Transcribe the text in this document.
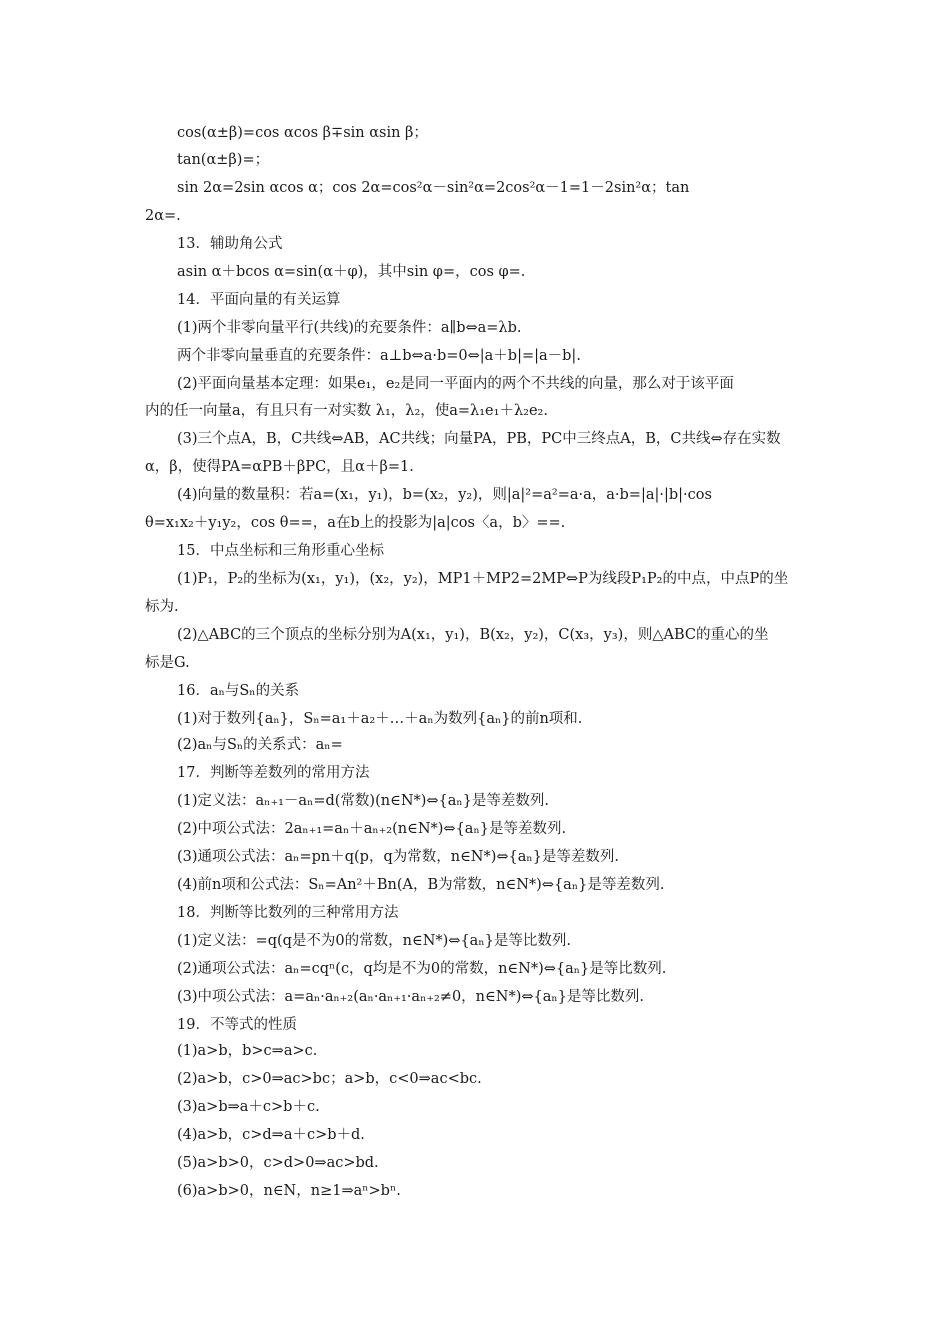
cos(α±β)=cos αcos β∓sin αsin β；
tan(α±β)=；
sin 2α=2sin αcos α；cos 2α=cos²α－sin²α=2cos²α－1=1－2sin²α；tan
2α=.
13．辅助角公式
asin α＋bcos α=sin(α＋φ)，其中sin φ=，cos φ=.
14．平面向量的有关运算
(1)两个非零向量平行(共线)的充要条件：a∥b⇔a=λb.
两个非零向量垂直的充要条件：a⊥b⇔a·b=0⇔|a＋b|=|a－b|.
(2)平面向量基本定理：如果e₁，e₂是同一平面内的两个不共线的向量，那么对于该平面
内的任一向量a，有且只有一对实数 λ₁，λ₂，使a=λ₁e₁＋λ₂e₂.
(3)三个点A，B，C共线⇔AB，AC共线；向量PA，PB，PC中三终点A，B，C共线⇔存在实数
α，β，使得PA=αPB＋βPC，且α＋β=1.
(4)向量的数量积：若a=(x₁，y₁)，b=(x₂，y₂)，则|a|²=a²=a·a，a·b=|a|·|b|·cos
θ=x₁x₂＋y₁y₂，cos θ==，a在b上的投影为|a|cos〈a，b〉==.
15．中点坐标和三角形重心坐标
(1)P₁，P₂的坐标为(x₁，y₁)，(x₂，y₂)，MP1＋MP2=2MP⇔P为线段P₁P₂的中点，中点P的坐
标为.
(2)△ABC的三个顶点的坐标分别为A(x₁，y₁)，B(x₂，y₂)，C(x₃，y₃)，则△ABC的重心的坐
标是G.
16．aₙ与Sₙ的关系
(1)对于数列{aₙ}，Sₙ=a₁＋a₂＋…＋aₙ为数列{aₙ}的前n项和.
(2)aₙ与Sₙ的关系式：aₙ=
17．判断等差数列的常用方法
(1)定义法：aₙ₊₁－aₙ=d(常数)(n∈N*)⇔{aₙ}是等差数列.
(2)中项公式法：2aₙ₊₁=aₙ＋aₙ₊₂(n∈N*)⇔{aₙ}是等差数列.
(3)通项公式法：aₙ=pn＋q(p，q为常数，n∈N*)⇔{aₙ}是等差数列.
(4)前n项和公式法：Sₙ=An²＋Bn(A，B为常数，n∈N*)⇔{aₙ}是等差数列.
18．判断等比数列的三种常用方法
(1)定义法：=q(q是不为0的常数，n∈N*)⇔{aₙ}是等比数列.
(2)通项公式法：aₙ=cqⁿ(c，q均是不为0的常数，n∈N*)⇔{aₙ}是等比数列.
(3)中项公式法：a=aₙ·aₙ₊₂(aₙ·aₙ₊₁·aₙ₊₂≠0，n∈N*)⇔{aₙ}是等比数列.
19．不等式的性质
(1)a>b，b>c⇒a>c.
(2)a>b，c>0⇒ac>bc；a>b，c<0⇒ac<bc.
(3)a>b⇒a＋c>b＋c.
(4)a>b，c>d⇒a＋c>b＋d.
(5)a>b>0，c>d>0⇒ac>bd.
(6)a>b>0，n∈N，n≥1⇒aⁿ>bⁿ.
